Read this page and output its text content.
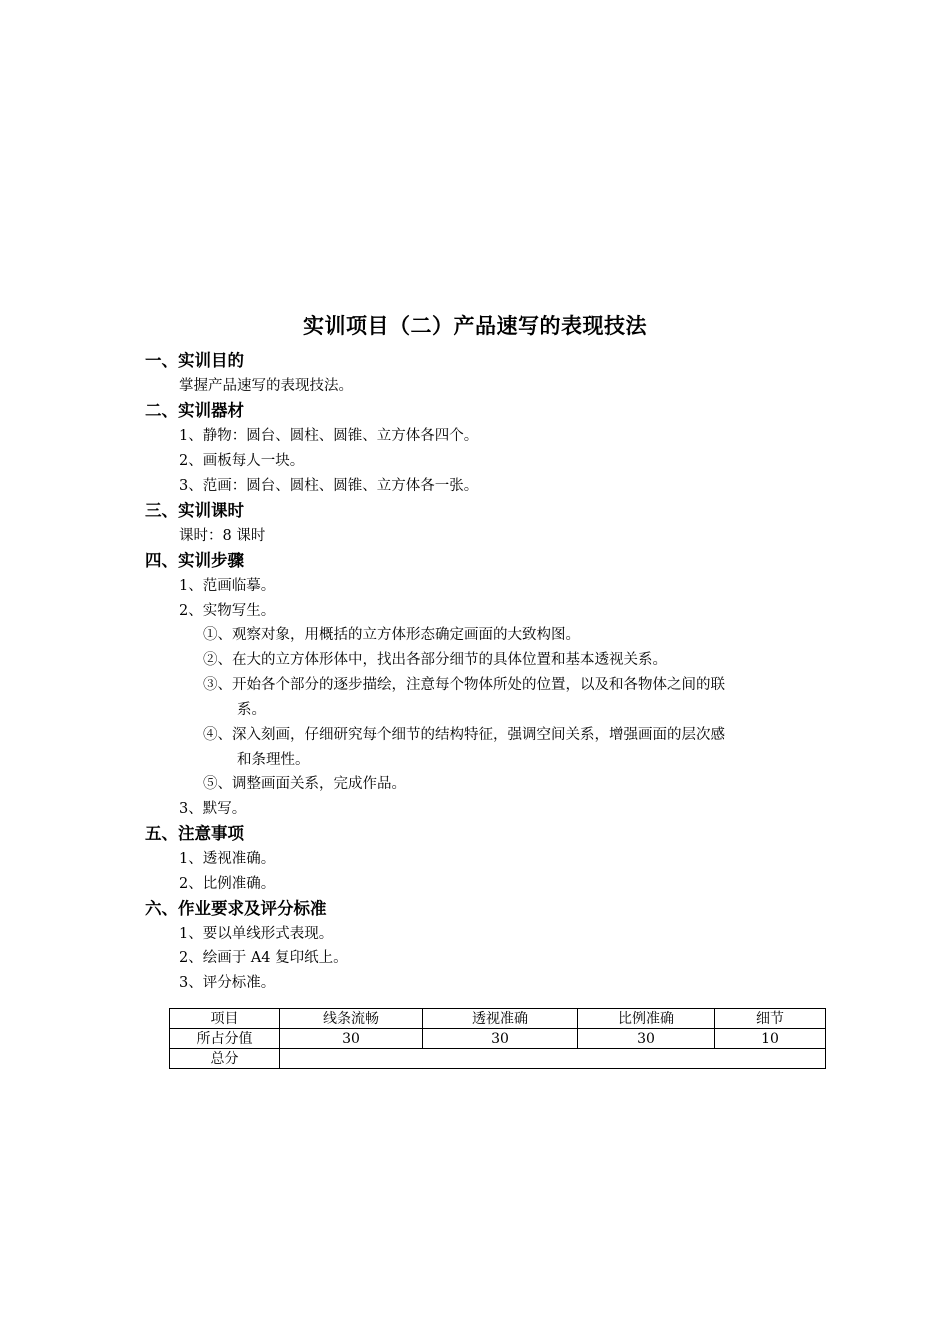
实训项目（二）产品速写的表现技法
一、实训目的
掌握产品速写的表现技法。
二、实训器材
1、静物：圆台、圆柱、圆锥、立方体各四个。
2、画板每人一块。
3、范画：圆台、圆柱、圆锥、立方体各一张。
三、实训课时
课时：8 课时
四、实训步骤
1、范画临摹。
2、实物写生。
①、观察对象，用概括的立方体形态确定画面的大致构图。
②、在大的立方体形体中，找出各部分细节的具体位置和基本透视关系。
③、开始各个部分的逐步描绘，注意每个物体所处的位置，以及和各物体之间的联
系。
④、深入刻画，仔细研究每个细节的结构特征，强调空间关系，增强画面的层次感
和条理性。
⑤、调整画面关系，完成作品。
3、默写。
五、注意事项
1、透视准确。
2、比例准确。
六、作业要求及评分标准
1、要以单线形式表现。
2、绘画于 A4 复印纸上。
3、评分标准。
项目	线条流畅	透视准确	比例准确	细节
所占分值	30	30	30	10
总分				
